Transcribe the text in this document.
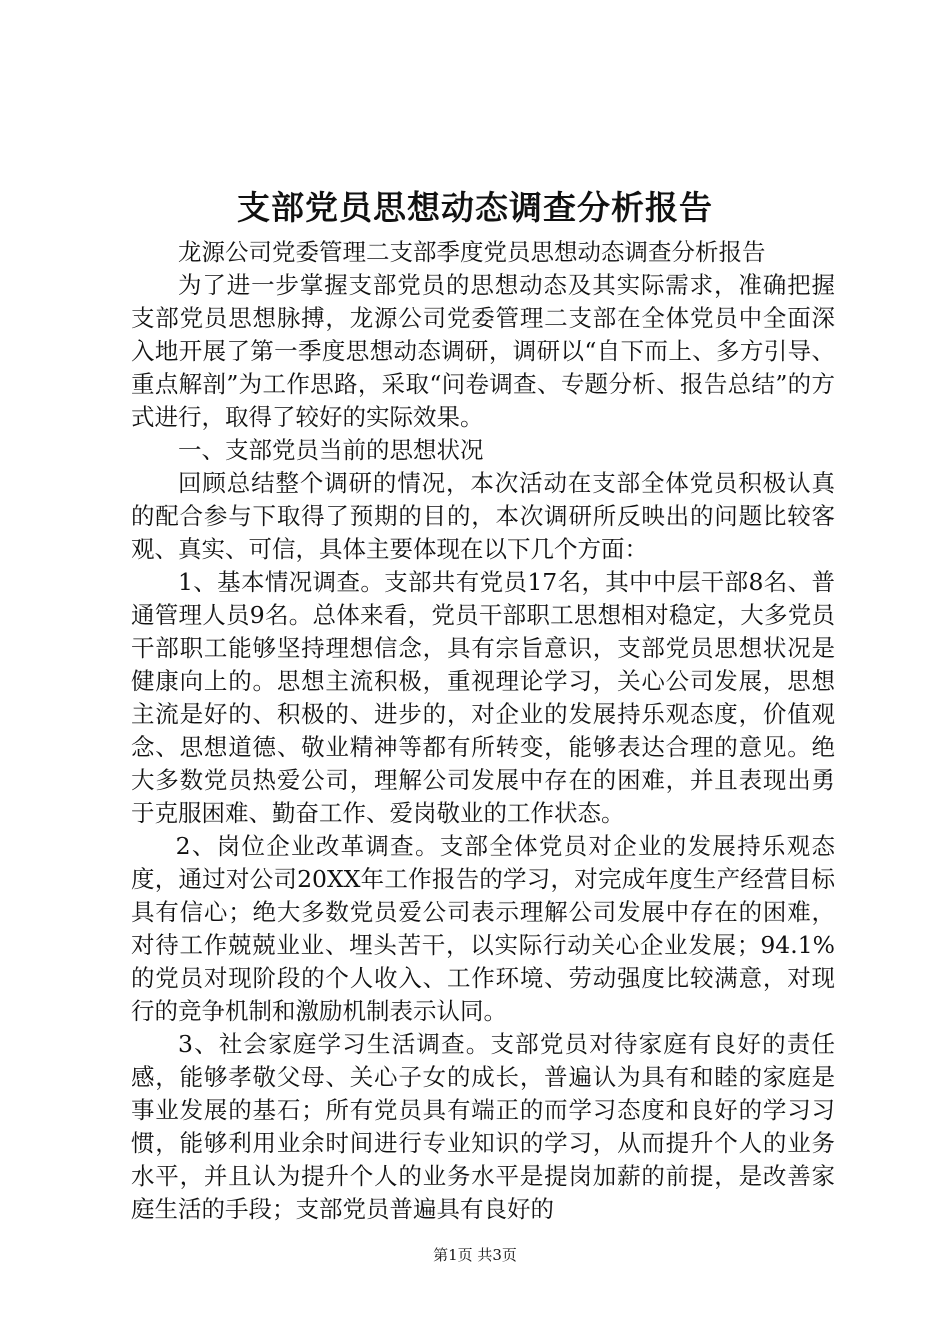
支部党员思想动态调查分析报告

龙源公司党委管理二支部季度党员思想动态调查分析报告

为了进一步掌握支部党员的思想动态及其实际需求，准确把握支部党员思想脉搏，龙源公司党委管理二支部在全体党员中全面深入地开展了第一季度思想动态调研，调研以“自下而上、多方引导、重点解剖”为工作思路，采取“问卷调查、专题分析、报告总结”的方式进行，取得了较好的实际效果。

一、支部党员当前的思想状况

回顾总结整个调研的情况，本次活动在支部全体党员积极认真的配合参与下取得了预期的目的，本次调研所反映出的问题比较客观、真实、可信，具体主要体现在以下几个方面：

1、基本情况调查。支部共有党员17名，其中中层干部8名、普通管理人员9名。总体来看，党员干部职工思想相对稳定，大多党员干部职工能够坚持理想信念，具有宗旨意识，支部党员思想状况是健康向上的。思想主流积极，重视理论学习，关心公司发展，思想主流是好的、积极的、进步的，对企业的发展持乐观态度，价值观念、思想道德、敬业精神等都有所转变，能够表达合理的意见。绝大多数党员热爱公司，理解公司发展中存在的困难，并且表现出勇于克服困难、勤奋工作、爱岗敬业的工作状态。

2、岗位企业改革调查。支部全体党员对企业的发展持乐观态度，通过对公司20XX年工作报告的学习，对完成年度生产经营目标具有信心；绝大多数党员爱公司表示理解公司发展中存在的困难，对待工作兢兢业业、埋头苦干，以实际行动关心企业发展；94.1%的党员对现阶段的个人收入、工作环境、劳动强度比较满意，对现行的竞争机制和激励机制表示认同。

3、社会家庭学习生活调查。支部党员对待家庭有良好的责任感，能够孝敬父母、关心子女的成长，普遍认为具有和睦的家庭是事业发展的基石；所有党员具有端正的而学习态度和良好的学习习惯，能够利用业余时间进行专业知识的学习，从而提升个人的业务水平，并且认为提升个人的业务水平是提岗加薪的前提，是改善家庭生活的手段；支部党员普遍具有良好的

第1页 共3页
